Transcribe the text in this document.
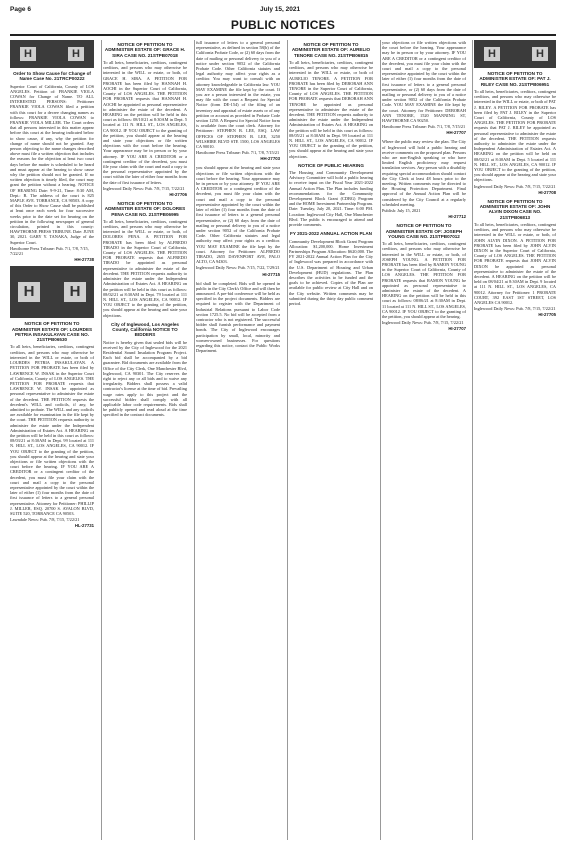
Page 6	July 15, 2021
PUBLIC NOTICES
H	H
Order to Show Cause for Change of Name Case No. 21TRCP00222

Superior Court of California, County of LOS ANGELES. Petition of: FRANKIE VIOLA COWAN for Change of Name. TO ALL INTERESTED PERSONS: Petitioner FRANKIE VIOLA COWAN filed a petition with this court for a decree changing names as follows: FRANKIE VIOLA COWAN to FRANKIE VIOLA MILLER. The Court orders that all persons interested in this matter appear before this court at the hearing indicated below to show cause, if any, why the petition for change of name should not be granted. Any person objecting to the name changes described above must file a written objection that includes the reasons for the objection at least two court days before the matter is scheduled to be heard and must appear at the hearing to show cause why the petition should not be granted. If no written objection is timely filed, the court may grant the petition without a hearing. NOTICE OF HEARING Date: 9-9-21, Time: 8:30 AM, Dept.: B. The address of the court is 825 MAPLE AVE. TORRANCE, CA 90503. A copy of this Order to Show Cause shall be published at least once each week for four successive weeks prior to the date set for hearing on the petition in the following newspaper of general circulation, printed in this county: HAWTHORNE PRESS TRIBUNE. Date: JUNE 30, 2021. GARY Y. TANAKA, Judge of the Superior Court.

Hawthorne Press Tribune: Pub. 7/1, 7/8, 7/15, 7/22/21

HH-27738

H	H
NOTICE OF PETITION TO ADMINISTER ESTATE OF: LOURDES PETRIA INSAKULAYAN CASE NO. 21STPB06530

To all heirs, beneficiaries, creditors, contingent creditors, and persons who may otherwise be interested in the WILL or estate, or both of LOURDES PETRIA INSAKULAYAN. A PETITION FOR PROBATE has been filed by LAWRENCE W. INSAK in the Superior Court of California, County of LOS ANGELES. THE PETITION FOR PROBATE requests that LAWRENCE W. INSAK be appointed as personal representative to administer the estate of the decedent. THE PETITION requests the decedent's WILL and codicils, if any, be admitted to probate. The WILL and any codicils are available for examination in the file kept by the court. THE PETITION requests authority to administer the estate under the Independent Administration of Estates Act. A HEARING on the petition will be held in this court as follows: 08/03/21 at 8:30AM in Dept. 99 located at 111 N. HILL ST., LOS ANGELES, CA 90012. IF YOU OBJECT to the granting of the petition, you should appear at the hearing and state your objections or file written objections with the court before the hearing. IF YOU ARE A CREDITOR or a contingent creditor of the decedent, you must file your claim with the court and mail a copy to the personal representative appointed by the court within the later of either (1) four months from the date of first issuance of letters to a general personal representative. Attorney for Petitioner: PHILLIP J. MILLER, ESQ. 20700 S. AVALON BLVD, SUITE 520, TORRANCE CA 90503.

Lawndale News: Pub. 7/8, 7/15, 7/22/21

HL-27731

NOTICE OF PETITION TO ADMINISTER ESTATE OF: GRACE H. SIRA CASE NO. 21STPB07018

To all heirs, beneficiaries, creditors, contingent creditors, and persons who may otherwise be interested in the WILL or estate, or both, of GRACE H. SIRA. A PETITION FOR PROBATE has been filed by HANNAH H. AOCHI in the Superior Court of California, County of LOS ANGELES. THE PETITION FOR PROBATE requests that HANNAH H. AOCHI be appointed as personal representative to administer the estate of the decedent. A HEARING on the petition will be held in this court as follows: 08/10/21 at 8:30AM in Dept. 5 located at 111 N. HILL ST., LOS ANGELES, CA 90012. IF YOU OBJECT to the granting of the petition, you should appear at the hearing and state your objections or file written objections with the court before the hearing. Your appearance may be in person or by your attorney. IF YOU ARE A CREDITOR or a contingent creditor of the decedent, you must file your claim with the court and mail a copy to the personal representative appointed by the court within the later of either four months from the date of first issuance of letters.

Inglewood Daily News: Pub. 7/8, 7/15, 7/22/21

HI-27706

NOTICE OF PETITION TO ADMINISTER ESTATE OF: DOLORES PENA CASE NO. 21STPB06995

To all heirs, beneficiaries, creditors, contingent creditors, and persons who may otherwise be interested in the WILL or estate, or both, of DOLORES PENA. A PETITION FOR PROBATE has been filed by ALFREDO TIRADO in the Superior Court of California, County of LOS ANGELES. THE PETITION FOR PROBATE requests that ALFREDO TIRADO be appointed as personal representative to administer the estate of the decedent. THE PETITION requests authority to administer the estate under the Independent Administration of Estates Act. A HEARING on the petition will be held in this court as follows: 08/02/21 at 8:30AM in Dept. 79 located at 111 N. HILL ST., LOS ANGELES, CA 90012. IF YOU OBJECT to the granting of the petition, you should appear at the hearing and state your objections.

City of Inglewood, Los Angeles County, California NOTICE TO BIDDERS

Notice is hereby given that sealed bids will be received by the City of Inglewood for the 2021 Residential Sound Insulation Program Project. Each bid shall be accompanied by a bid guarantee. Bid documents are available from the Office of the City Clerk, One Manchester Blvd, Inglewood, CA 90301. The City reserves the right to reject any or all bids and to waive any irregularity. Bidders shall possess a valid contractor's license at the time of bid. Prevailing wage rates apply to this project and the successful bidder shall comply with all applicable labor code requirements. Bids shall be publicly opened and read aloud at the time specified in the contract documents.

full issuance of letters to a general personal representative, as defined in section 58(b) of the California Probate Code, or (2) 60 days from the date of mailing or personal delivery to you of a notice under section 9052 of the California Probate Code. Other California statutes and legal authority may affect your rights as a creditor. You may want to consult with an attorney knowledgeable in California law. YOU MAY EXAMINE the file kept by the court. If you are a person interested in the estate, you may file with the court a Request for Special Notice (form DE-154) of the filing of an inventory and appraisal of estate assets or of any petition or account as provided in Probate Code section 1250. A Request for Special Notice form is available from the court clerk. Attorney for Petitioner: STEPHEN B. LEE, ESQ. LAW OFFICES OF STEPHEN B. LEE, 3250 WILSHIRE BLVD STE 1500, LOS ANGELES CA 90010.

Hawthorne Press Tribune: Pub. 7/1, 7/8, 7/15/21

HH-27703

you should appear at the hearing and state your objections or file written objections with the court before the hearing. Your appearance may be in person or by your attorney. IF YOU ARE A CREDITOR or a contingent creditor of the decedent, you must file your claim with the court and mail a copy to the personal representative appointed by the court within the later of either (1) four months from the date of first issuance of letters to a general personal representative, or (2) 60 days from the date of mailing or personal delivery to you of a notice under section 9052 of the California Probate Code. Other California statutes and legal authority may affect your rights as a creditor. YOU MAY EXAMINE the file kept by the court. Attorney for Petitioner: ALFREDO TIRADO, 2655 DAVENPORT AVE, PALO ALTO, CA 94303.

Inglewood Daily News: Pub. 7/15, 7/22, 7/29/21

HI-27715

bid shall be completed. Bids will be opened in public in the City Clerk's Office and will then be announced. A pre-bid conference will be held as specified in the project documents. Bidders are required to register with the Department of Industrial Relations pursuant to Labor Code section 1725.5. No bid will be accepted from a contractor who is not registered. The successful bidder shall furnish performance and payment bonds. The City of Inglewood encourages participation by small, local, minority and women-owned businesses. For questions regarding this notice, contact the Public Works Department.

NOTICE OF PETITION TO ADMINISTER ESTATE OF: AURELIO TENORE CASE NO. 21STPB06815

To all heirs, beneficiaries, creditors, contingent creditors, and persons who may otherwise be interested in the WILL or estate, or both of AURELIO TENORE. A PETITION FOR PROBATE has been filed by DEBORAH ANN TENORE in the Superior Court of California, County of LOS ANGELES. THE PETITION FOR PROBATE requests that DEBORAH ANN TENORE be appointed as personal representative to administer the estate of the decedent. THE PETITION requests authority to administer the estate under the Independent Administration of Estates Act. A HEARING on the petition will be held in this court as follows: 08/05/21 at 8:30AM in Dept. 99 located at 111 N. HILL ST., LOS ANGELES, CA 90012. IF YOU OBJECT to the granting of the petition, you should appear at the hearing and state your objections.

NOTICE OF PUBLIC HEARING

The Housing and Community Development Advisory Committee will hold a public hearing to receive input on the Fiscal Year 2021-2022 Annual Action Plan. The Plan includes funding recommendations for the Community Development Block Grant (CDBG) Program and the HOME Investment Partnership Program. Date: Tuesday, July 20, 2021. Time: 6:00 PM. Location: Inglewood City Hall, One Manchester Blvd. The public is encouraged to attend and provide comments.

FY 2021-2022 ANNUAL ACTION PLAN

Community Development Block Grant Program Allocation: $1,200,000. Home Investment Partnerships Program Allocation: $620,000. The FY 2021-2022 Annual Action Plan for the City of Inglewood was prepared in accordance with the U.S. Department of Housing and Urban Development (HUD) regulations. The Plan describes the activities to be funded and the goals to be achieved. Copies of the Plan are available for public review at City Hall and on the City website. Written comments may be submitted during the thirty day public comment period.

your objections or file written objections with the court before the hearing. Your appearance may be in person or by your attorney. IF YOU ARE A CREDITOR or a contingent creditor of the decedent, you must file your claim with the court and mail a copy to the personal representative appointed by the court within the later of either (1) four months from the date of first issuance of letters to a general personal representative, or (2) 60 days from the date of mailing or personal delivery to you of a notice under section 9052 of the California Probate Code. YOU MAY EXAMINE the file kept by the court. Attorney for Petitioner: DEBORAH ANN TENORE, 1520 MANNING ST, HAWTHORNE CA 90250.

Hawthorne Press Tribune: Pub. 7/1, 7/8, 7/15/21

HH-27707

Where the public may review the plan. The City of Inglewood will hold a public hearing and receive comments on the proposed plan. Persons who are non-English speaking or who have limited English proficiency may request translation services. Any person with a disability requiring special accommodation should contact the City Clerk at least 48 hours prior to the meeting. Written comments may be directed to the Housing Protection Department. Final approval of the Annual Action Plan will be considered by the City Council at a regularly scheduled meeting.

Publish: July 15, 2021

HI-27712

NOTICE OF PETITION TO ADMINISTER ESTATE OF: JOSEPH YOUNG CASE NO. 21STPB07012

To all heirs, beneficiaries, creditors, contingent creditors, and persons who may otherwise be interested in the WILL or estate, or both, of JOSEPH YOUNG. A PETITION FOR PROBATE has been filed by RAMON YOUNG in the Superior Court of California, County of LOS ANGELES. THE PETITION FOR PROBATE requests that RAMON YOUNG be appointed as personal representative to administer the estate of the decedent. A HEARING on the petition will be held in this court as follows: 08/06/21 at 8:30AM in Dept. 11 located at 111 N. HILL ST., LOS ANGELES, CA 90012. IF YOU OBJECT to the granting of the petition, you should appear at the hearing.

Inglewood Daily News: Pub. 7/8, 7/15, 7/22/21

HI-27707

H	H
NOTICE OF PETITION TO ADMINISTER ESTATE OF: PAT J. RILEY CASE NO. 21STPB06951

To all heirs, beneficiaries, creditors, contingent creditors, and persons who may otherwise be interested in the WILL or estate, or both of PAT J. RILEY. A PETITION FOR PROBATE has been filed by PAT J. RILEY in the Superior Court of California, County of LOS ANGELES. THE PETITION FOR PROBATE requests that PAT J. RILEY be appointed as personal representative to administer the estate of the decedent. THE PETITION requests authority to administer the estate under the Independent Administration of Estates Act. A HEARING on the petition will be held on 08/02/21 at 8:30AM in Dept. 5 located at 111 N. HILL ST., LOS ANGELES, CA 90012. IF YOU OBJECT to the granting of the petition, you should appear at the hearing and state your objections.

Inglewood Daily News: Pub. 7/8, 7/15, 7/22/21

HI-27708

NOTICE OF PETITION TO ADMINISTER ESTATE OF: JOHN ALVIN DIXON CASE NO. 21STPB06813

To all heirs, beneficiaries, creditors, contingent creditors, and persons who may otherwise be interested in the WILL or estate, or both, of JOHN ALVIN DIXON. A PETITION FOR PROBATE has been filed by JOHN ALVIN DIXON in the Superior Court of California, County of LOS ANGELES. THE PETITION FOR PROBATE requests that JOHN ALVIN DIXON be appointed as personal representative to administer the estate of the decedent. A HEARING on the petition will be held on 08/04/21 at 8:30AM in Dept. 9 located at 111 N. HILL ST., LOS ANGELES, CA 90012. Attorney for Petitioner: 1 PROBATE COURT, 392 EAST 1ST STREET, LOS ANGELES CA 90012.

Inglewood Daily News: Pub. 7/8, 7/15, 7/22/21

HI-27705
